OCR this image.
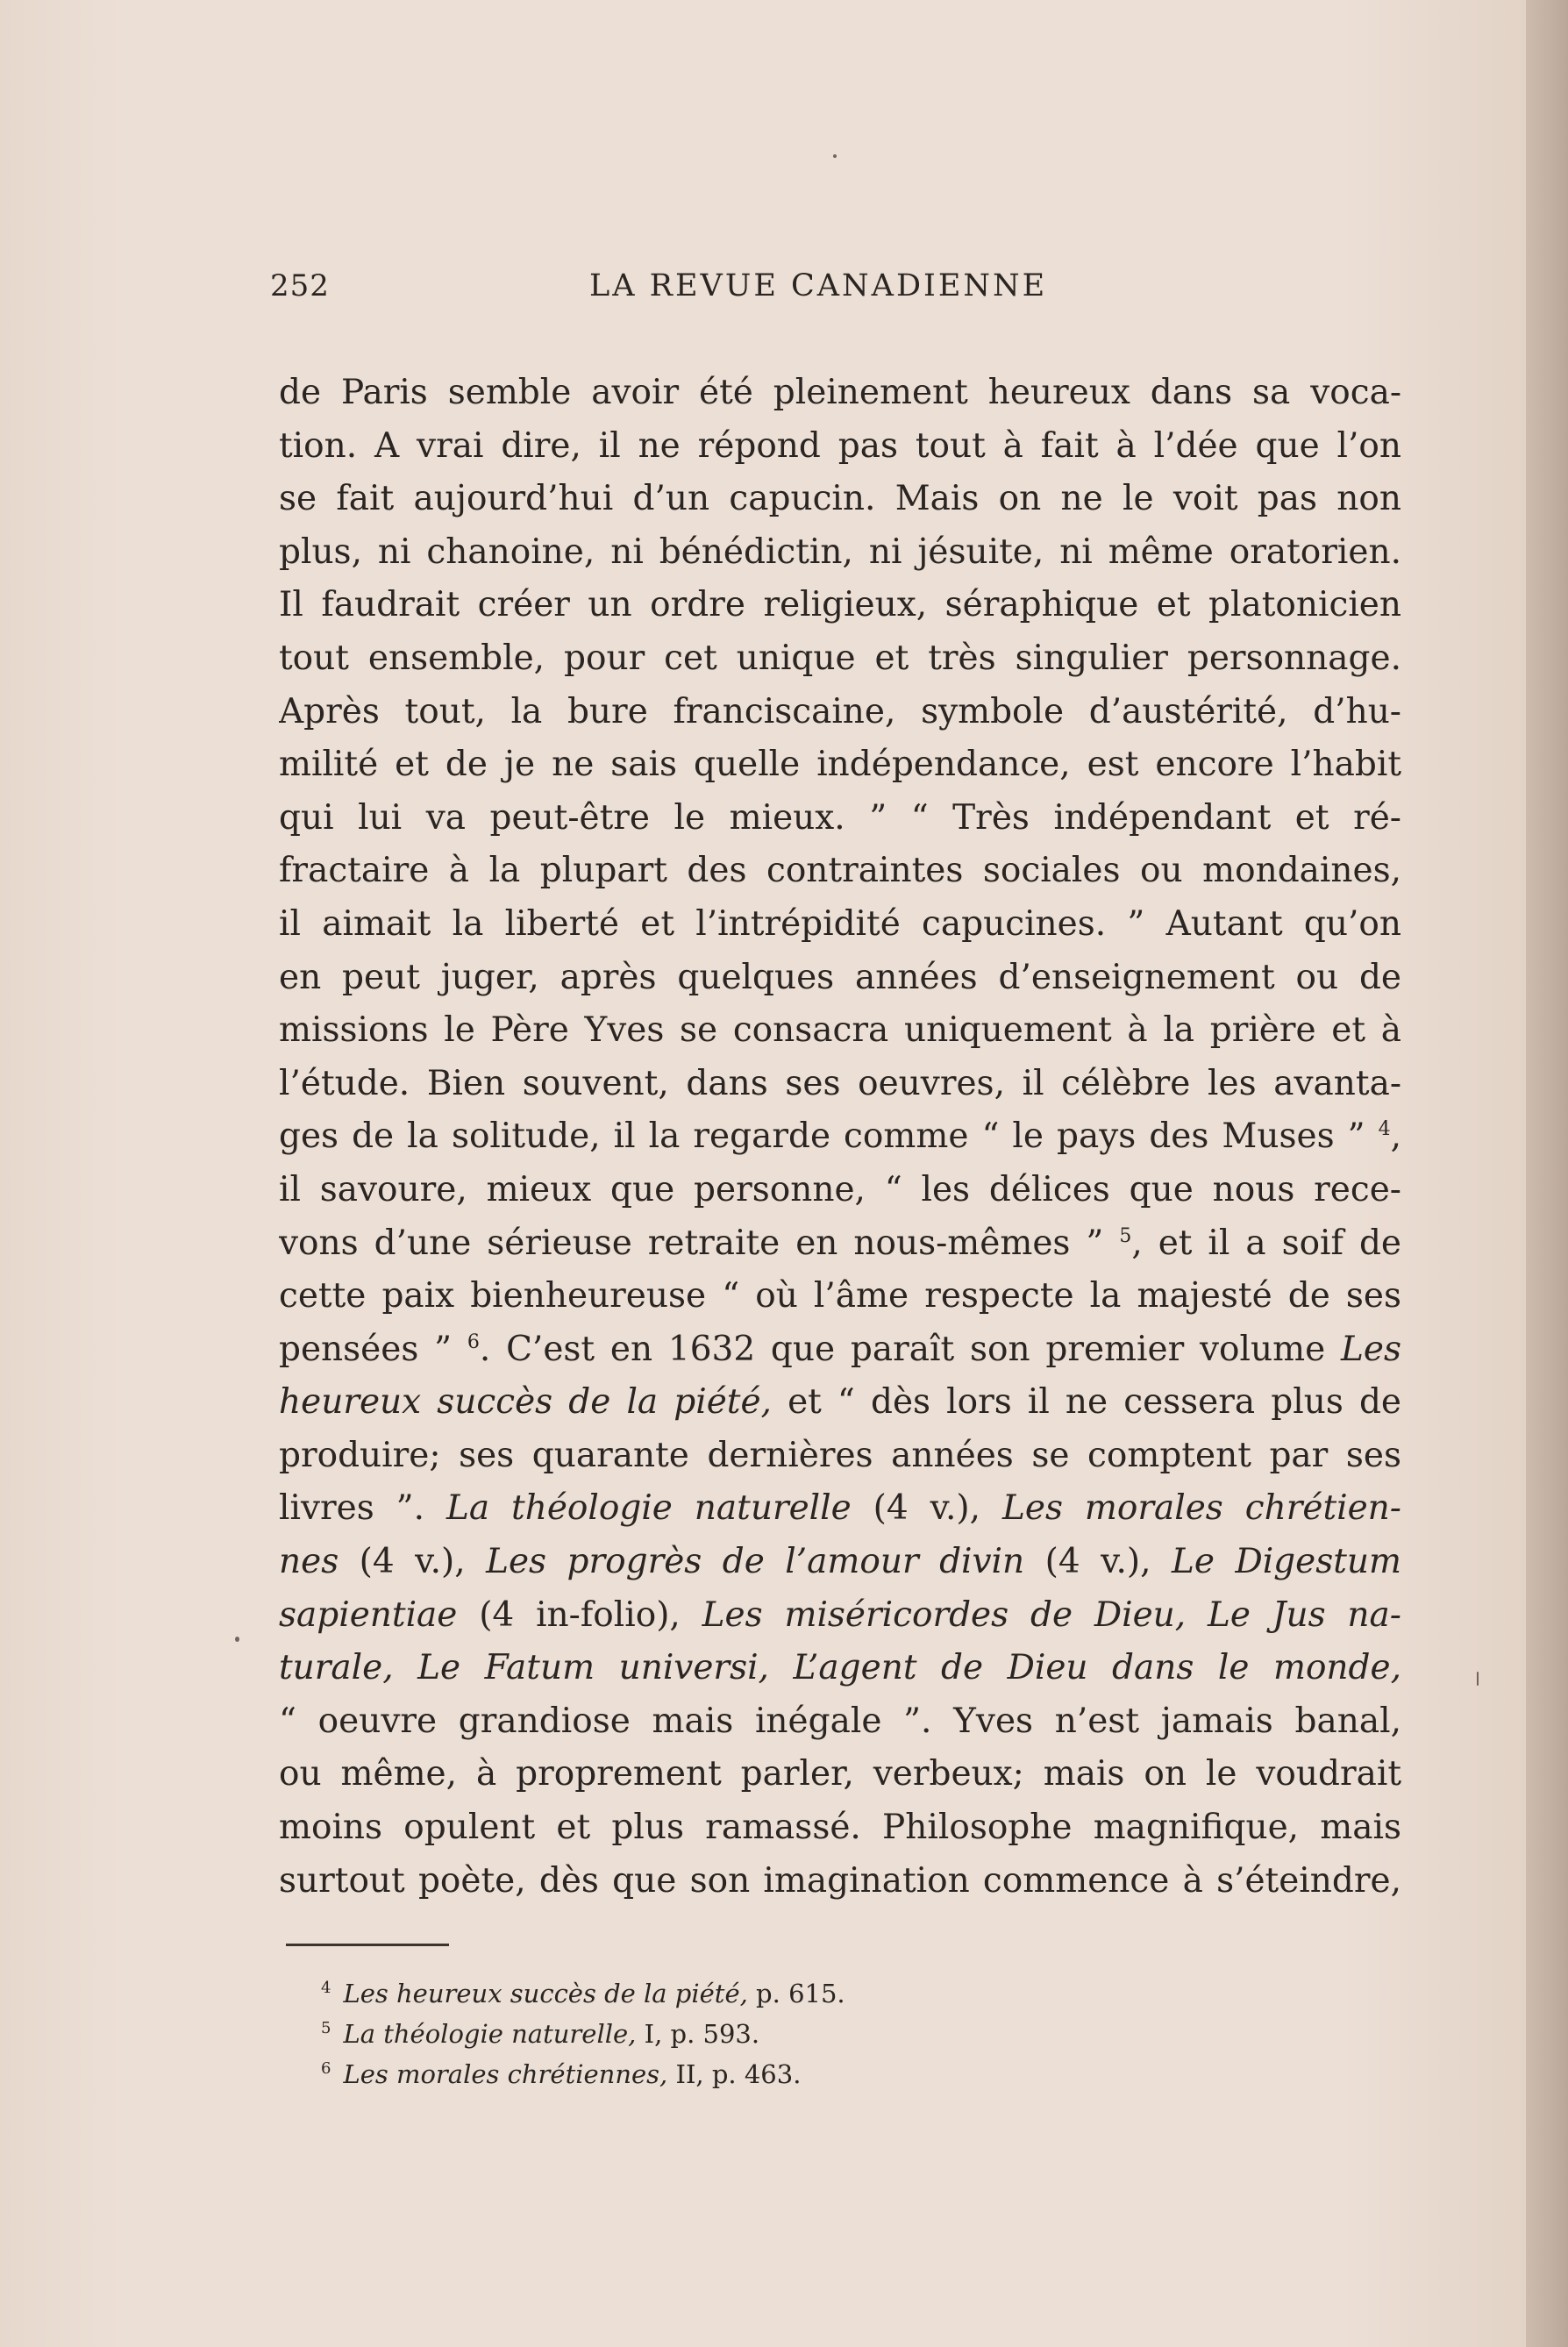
252	LA REVUE CANADIENNE
de Paris semble avoir été pleinement heureux dans sa voca-
tion. A vrai dire, il ne répond pas tout à fait à l’dée que l’on
se fait aujourd’hui d’un capucin. Mais on ne le voit pas non
plus, ni chanoine, ni bénédictin, ni jésuite, ni même oratorien.
Il faudrait créer un ordre religieux, séraphique et platonicien
tout ensemble, pour cet unique et très singulier personnage.
Après tout, la bure franciscaine, symbole d’austérité, d’hu-
milité et de je ne sais quelle indépendance, est encore l’habit
qui lui va peut-être le mieux. ” “ Très indépendant et ré-
fractaire à la plupart des contraintes sociales ou mondaines,
il aimait la liberté et l’intrépidité capucines. ” Autant qu’on
en peut juger, après quelques années d’enseignement ou de
missions le Père Yves se consacra uniquement à la prière et à
l’étude. Bien souvent, dans ses oeuvres, il célèbre les avanta-
ges de la solitude, il la regarde comme “ le pays des Muses ” $^4$,
il savoure, mieux que personne, “ les délices que nous rece-
vons d’une sérieuse retraite en nous-mêmes ” $^5$, et il a soif de
cette paix bienheureuse “ où l’âme respecte la majesté de ses
pensées ” $^6$. C’est en 1632 que paraît son premier volume Les
heureux succès de la piété, et “ dès lors il ne cessera plus de
produire; ses quarante dernières années se comptent par ses
livres ”. La théologie naturelle (4 v.), Les morales chrétien-
nes (4 v.), Les progrès de l’amour divin (4 v.), Le Digestum
sapientiae (4 in-folio), Les miséricordes de Dieu, Le Jus na-
turale, Le Fatum universi, L’agent de Dieu dans le monde,
“ oeuvre grandiose mais inégale ”. Yves n’est jamais banal,
ou même, à proprement parler, verbeux; mais on le voudrait
moins opulent et plus ramassé. Philosophe magnifique, mais
surtout poète, dès que son imagination commence à s’éteindre,
$^4$ Les heureux succès de la piété, p. 615.
$^5$ La théologie naturelle, I, p. 593.
$^6$ Les morales chrétiennes, II, p. 463.
